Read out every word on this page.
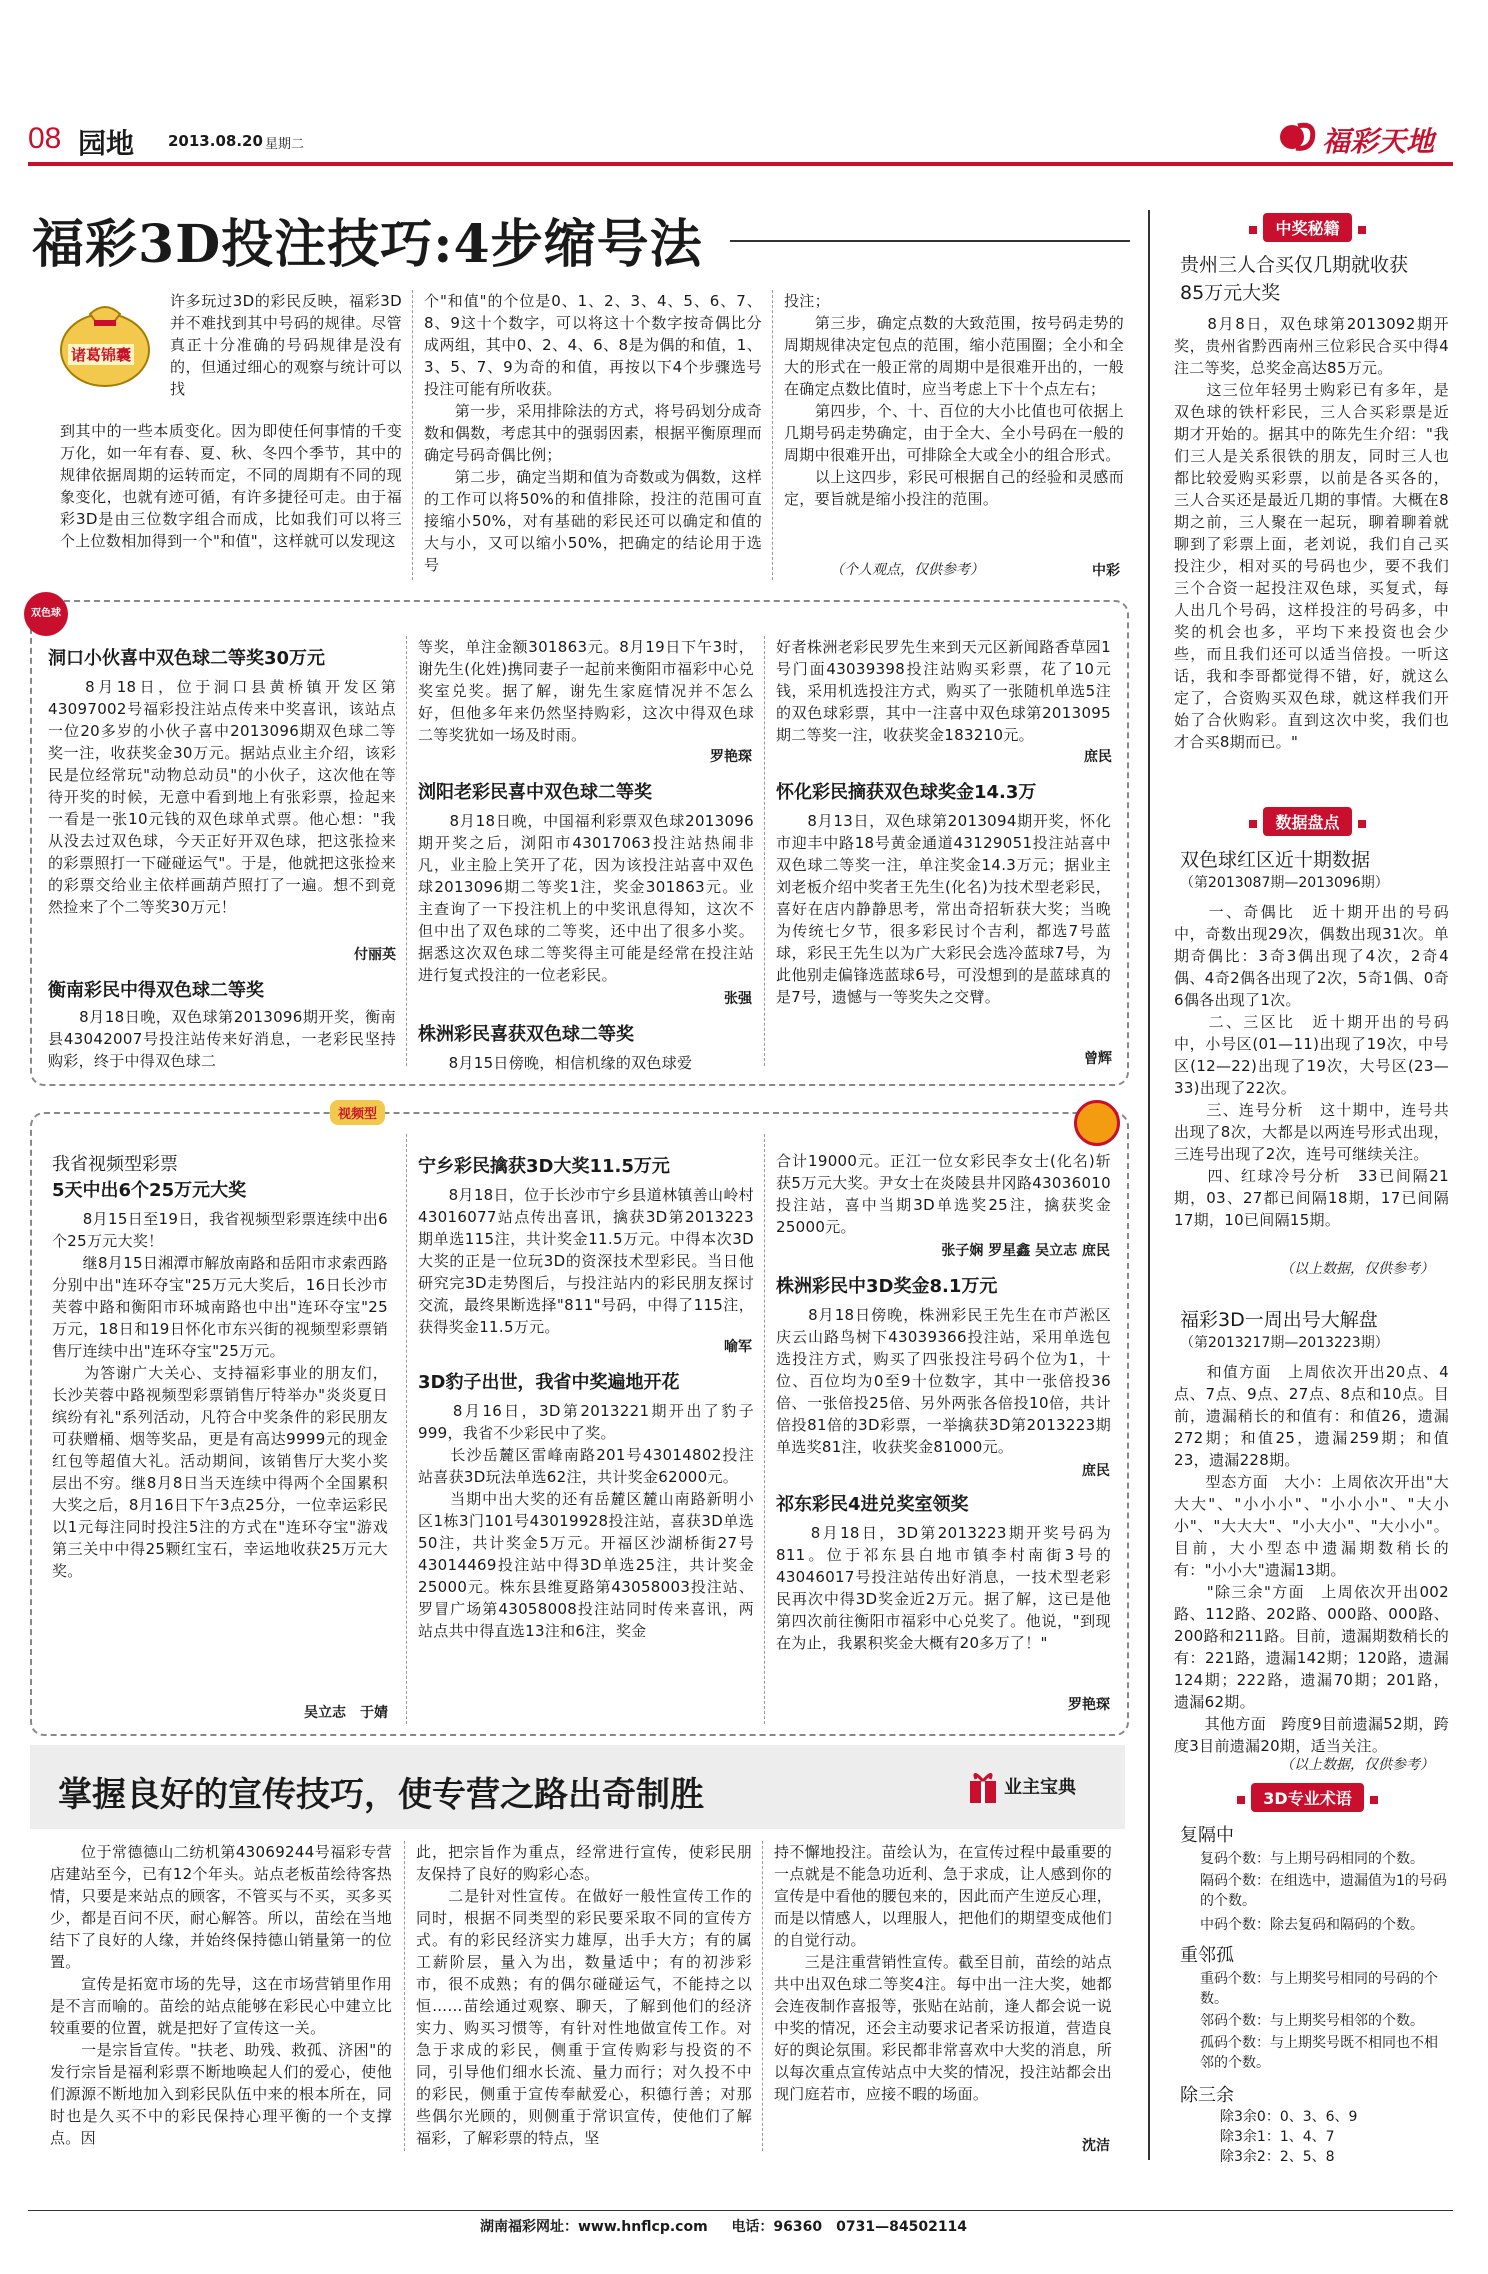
08 园地 2013.08.20 星期二	福彩天地
福彩3D投注技巧:4步缩号法
诸葛锦囊
许多玩过3D的彩民反映，福彩3D并不难找到其中号码的规律。尽管真正十分准确的号码规律是没有的，但通过细心的观察与统计可以找
到其中的一些本质变化。因为即使任何事情的千变万化，如一年有春、夏、秋、冬四个季节，其中的规律依据周期的运转而定，不同的周期有不同的现象变化，也就有迹可循，有许多捷径可走。由于福彩3D是由三位数字组合而成，比如我们可以将三个上位数相加得到一个"和值"，这样就可以发现这
个"和值"的个位是0、1、2、3、4、5、6、7、8、9这十个数字，可以将这十个数字按奇偶比分成两组，其中0、2、4、6、8是为偶的和值，1、3、5、7、9为奇的和值，再按以下4个步骤选号投注可能有所收获。
　　第一步，采用排除法的方式，将号码划分成奇数和偶数，考虑其中的强弱因素，根据平衡原理而确定号码奇偶比例；
　　第二步，确定当期和值为奇数或为偶数，这样的工作可以将50%的和值排除，投注的范围可直接缩小50%，对有基础的彩民还可以确定和值的大与小，又可以缩小50%，把确定的结论用于选号
投注；
　　第三步，确定点数的大致范围，按号码走势的周期规律决定包点的范围，缩小范围圈；全小和全大的形式在一般正常的周期中是很难开出的，一般在确定点数比值时，应当考虑上下十个点左右；
　　第四步，个、十、百位的大小比值也可依据上几期号码走势确定，由于全大、全小号码在一般的周期中很难开出，可排除全大或全小的组合形式。
　　以上这四步，彩民可根据自己的经验和灵感而定，要旨就是缩小投注的范围。
（个人观点，仅供参考）	中彩
双色球
洞口小伙喜中双色球二等奖30万元
　　8月18日，位于洞口县黄桥镇开发区第43097002号福彩投注站点传来中奖喜讯，该站点一位20多岁的小伙子喜中2013096期双色球二等奖一注，收获奖金30万元。据站点业主介绍，该彩民是位经常玩"动物总动员"的小伙子，这次他在等待开奖的时候，无意中看到地上有张彩票，捡起来一看是一张10元钱的双色球单式票。他心想："我从没去过双色球，今天正好开双色球，把这张捡来的彩票照打一下碰碰运气"。于是，他就把这张捡来的彩票交给业主依样画葫芦照打了一遍。想不到竟然捡来了个二等奖30万元！
付丽英
衡南彩民中得双色球二等奖
　　8月18日晚，双色球第2013096期开奖，衡南县43042007号投注站传来好消息，一老彩民坚持购彩，终于中得双色球二
等奖，单注金额301863元。8月19日下午3时，谢先生(化姓)携同妻子一起前来衡阳市福彩中心兑奖室兑奖。据了解，谢先生家庭情况并不怎么好，但他多年来仍然坚持购彩，这次中得双色球二等奖犹如一场及时雨。
罗艳琛
浏阳老彩民喜中双色球二等奖
　　8月18日晚，中国福利彩票双色球2013096期开奖之后，浏阳市43017063投注站热闹非凡，业主脸上笑开了花，因为该投注站喜中双色球2013096期二等奖1注，奖金301863元。业主查询了一下投注机上的中奖讯息得知，这次不但中出了双色球的二等奖，还中出了很多小奖。据悉这次双色球二等奖得主可能是经常在投注站进行复式投注的一位老彩民。
张强
株洲彩民喜获双色球二等奖
　　8月15日傍晚，相信机缘的双色球爱
好者株洲老彩民罗先生来到天元区新闻路香草园1号门面43039398投注站购买彩票，花了10元钱，采用机选投注方式，购买了一张随机单选5注的双色球彩票，其中一注喜中双色球第2013095期二等奖一注，收获奖金183210元。
庶民
怀化彩民摘获双色球奖金14.3万
　　8月13日，双色球第2013094期开奖，怀化市迎丰中路18号黄金通道43129051投注站喜中双色球二等奖一注，单注奖金14.3万元；据业主刘老板介绍中奖者王先生(化名)为技术型老彩民，喜好在店内静静思考，常出奇招斩获大奖；当晚为传统七夕节，很多彩民讨个吉利，都选7号蓝球，彩民王先生以为广大彩民会选冷蓝球7号，为此他别走偏锋选蓝球6号，可没想到的是蓝球真的是7号，遗憾与一等奖失之交臂。
曾辉
视频型
我省视频型彩票
5天中出6个25万元大奖
　　8月15日至19日，我省视频型彩票连续中出6个25万元大奖！
　　继8月15日湘潭市解放南路和岳阳市求索西路分别中出"连环夺宝"25万元大奖后，16日长沙市芙蓉中路和衡阳市环城南路也中出"连环夺宝"25万元，18日和19日怀化市东兴街的视频型彩票销售厅连续中出"连环夺宝"25万元。
　　为答谢广大关心、支持福彩事业的朋友们，长沙芙蓉中路视频型彩票销售厅特举办"炎炎夏日 缤纷有礼"系列活动，凡符合中奖条件的彩民朋友可获赠桶、烟等奖品，更是有高达9999元的现金红包等超值大礼。活动期间，该销售厅大奖小奖层出不穷。继8月8日当天连续中得两个全国累积大奖之后，8月16日下午3点25分，一位幸运彩民以1元每注同时投注5注的方式在"连环夺宝"游戏第三关中中得25颗红宝石，幸运地收获25万元大奖。
吴立志　于婧
宁乡彩民擒获3D大奖11.5万元
　　8月18日，位于长沙市宁乡县道林镇善山岭村43016077站点传出喜讯，擒获3D第2013223期单选115注，共计奖金11.5万元。中得本次3D大奖的正是一位玩3D的资深技术型彩民。当日他研究完3D走势图后，与投注站内的彩民朋友探讨交流，最终果断选择"811"号码，中得了115注，获得奖金11.5万元。
喻军
3D豹子出世，我省中奖遍地开花
　　8月16日，3D第2013221期开出了豹子999，我省不少彩民中了奖。
　　长沙岳麓区雷峰南路201号43014802投注站喜获3D玩法单选62注，共计奖金62000元。
　　当期中出大奖的还有岳麓区麓山南路新明小区1栋3门101号43019928投注站，喜获3D单选50注，共计奖金5万元。开福区沙湖桥街27号43014469投注站中得3D单选25注，共计奖金25000元。株东县维夏路第43058003投注站、罗冒广场第43058008投注站同时传来喜讯，两站点共中得直选13注和6注，奖金
合计19000元。正江一位女彩民李女士(化名)斩获5万元大奖。尹女士在炎陵县井冈路43036010投注站，喜中当期3D单选奖25注，擒获奖金25000元。
张子娴 罗星鑫 吴立志 庶民
株洲彩民中3D奖金8.1万元
　　8月18日傍晚，株洲彩民王先生在市芦淞区庆云山路鸟树下43039366投注站，采用单选包选投注方式，购买了四张投注号码个位为1，十位、百位均为0至9十位数字，其中一张倍投36倍、一张倍投25倍、另外两张各倍投10倍，共计倍投81倍的3D彩票，一举擒获3D第2013223期单选奖81注，收获奖金81000元。
庶民
祁东彩民4进兑奖室领奖
　　8月18日，3D第2013223期开奖号码为811。位于祁东县白地市镇李村南街3号的43046017号投注站传出好消息，一技术型老彩民再次中得3D奖金近2万元。据了解，这已是他第四次前往衡阳市福彩中心兑奖了。他说，"到现在为止，我累积奖金大概有20多万了！"
罗艳琛
掌握良好的宣传技巧，使专营之路出奇制胜	业主宝典
　　位于常德德山二纺机第43069244号福彩专营店建站至今，已有12个年头。站点老板苗绘待客热情，只要是来站点的顾客，不管买与不买，买多买少，都是百问不厌，耐心解答。所以，苗绘在当地结下了良好的人缘，并始终保持德山销量第一的位置。
　　宣传是拓宽市场的先导，这在市场营销里作用是不言而喻的。苗绘的站点能够在彩民心中建立比较重要的位置，就是把好了宣传这一关。
　　一是宗旨宣传。"扶老、助残、救孤、济困"的发行宗旨是福利彩票不断地唤起人们的爱心，使他们源源不断地加入到彩民队伍中来的根本所在，同时也是久买不中的彩民保持心理平衡的一个支撑点。因
此，把宗旨作为重点，经常进行宣传，使彩民朋友保持了良好的购彩心态。
　　二是针对性宣传。在做好一般性宣传工作的同时，根据不同类型的彩民要采取不同的宣传方式。有的彩民经济实力雄厚，出手大方；有的属工薪阶层，量入为出，数量适中；有的初涉彩市，很不成熟；有的偶尔碰碰运气，不能持之以恒……苗绘通过观察、聊天，了解到他们的经济实力、购买习惯等，有针对性地做宣传工作。对急于求成的彩民，侧重于宣传购彩与投资的不同，引导他们细水长流、量力而行；对久投不中的彩民，侧重于宣传奉献爱心，积德行善；对那些偶尔光顾的，则侧重于常识宣传，使他们了解福彩，了解彩票的特点，坚
持不懈地投注。苗绘认为，在宣传过程中最重要的一点就是不能急功近利、急于求成，让人感到你的宣传是中看他的腰包来的，因此而产生逆反心理，而是以情感人，以理服人，把他们的期望变成他们的自觉行动。
　　三是注重营销性宣传。截至目前，苗绘的站点共中出双色球二等奖4注。每中出一注大奖，她都会连夜制作喜报等，张贴在站前，逢人都会说一说中奖的情况，还会主动要求记者采访报道，营造良好的舆论氛围。彩民都非常喜欢中大奖的消息，所以每次重点宣传站点中大奖的情况，投注站都会出现门庭若市，应接不暇的场面。
沈洁
中奖秘籍
贵州三人合买仅几期就收获85万元大奖
　　8月8日，双色球第2013092期开奖，贵州省黔西南州三位彩民合买中得4注二等奖，总奖金高达85万元。
　　这三位年轻男士购彩已有多年，是双色球的铁杆彩民，三人合买彩票是近期才开始的。据其中的陈先生介绍："我们三人是关系很铁的朋友，同时三人也都比较爱购买彩票，以前是各买各的，三人合买还是最近几期的事情。大概在8期之前，三人聚在一起玩，聊着聊着就聊到了彩票上面，老刘说，我们自己买投注少，相对买的号码也少，要不我们三个合资一起投注双色球，买复式，每人出几个号码，这样投注的号码多，中奖的机会也多，平均下来投资也会少些，而且我们还可以适当倍投。一听这话，我和李哥都觉得不错，好，就这么定了，合资购买双色球，就这样我们开始了合伙购彩。直到这次中奖，我们也才合买8期而已。"
数据盘点
双色球红区近十期数据
（第2013087期—2013096期）
　　一、奇偶比　近十期开出的号码中，奇数出现29次，偶数出现31次。单期奇偶比：3奇3偶出现了4次，2奇4偶、4奇2偶各出现了2次，5奇1偶、0奇6偶各出现了1次。
　　二、三区比　近十期开出的号码中，小号区(01—11)出现了19次，中号区(12—22)出现了19次，大号区(23—33)出现了22次。
　　三、连号分析　这十期中，连号共出现了8次，大都是以两连号形式出现，三连号出现了2次，连号可继续关注。
　　四、红球冷号分析　33已间隔21期，03、27都已间隔18期，17已间隔17期，10已间隔15期。
（以上数据，仅供参考）
福彩3D一周出号大解盘
（第2013217期—2013223期）
　　和值方面　上周依次开出20点、4点、7点、9点、27点、8点和10点。目前，遗漏稍长的和值有：和值26，遗漏272期；和值25，遗漏259期；和值23，遗漏228期。
　　型态方面　大小：上周依次开出"大大大"、"小小小"、"小小小"、"大小小"、"大大大"、"小大小"、"大小小"。目前，大小型态中遗漏期数稍长的有："小小大"遗漏13期。
　　"除三余"方面　上周依次开出002路、112路、202路、000路、000路、200路和211路。目前，遗漏期数稍长的有：221路，遗漏142期；120路，遗漏124期；222路，遗漏70期；201路，遗漏62期。
　　其他方面　跨度9目前遗漏52期，跨度3目前遗漏20期，适当关注。
（以上数据，仅供参考）
3D专业术语
复隔中
复码个数：与上期号码相同的个数。
隔码个数：在组选中，遗漏值为1的号码的个数。
中码个数：除去复码和隔码的个数。
重邻孤
重码个数：与上期奖号相同的号码的个数。
邻码个数：与上期奖号相邻的个数。
孤码个数：与上期奖号既不相同也不相邻的个数。
除三余
除3余0：0、3、6、9
除3余1：1、4、7
除3余2：2、5、8
湖南福彩网址：www.hnflcp.com 电话：96360　0731—84502114
